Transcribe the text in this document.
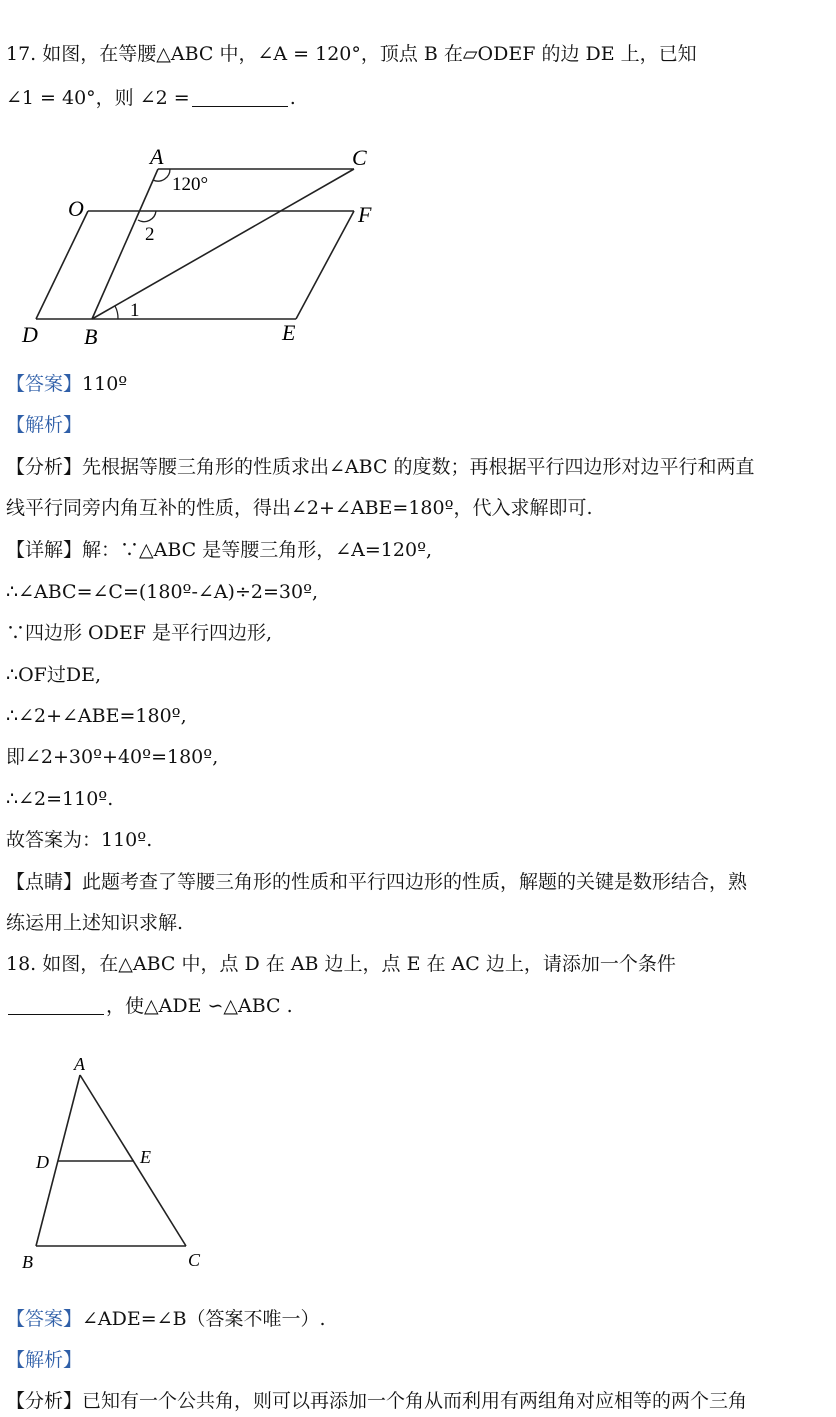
17. 如图，在等腰△ABC 中，∠A = 120°，顶点 B 在▱ODEF 的边 DE 上，已知
∠1 = 40°，则 ∠2 =	.
A	C
O	F
D B	E
120°
2
1
【答案】110º
【解析】
【分析】先根据等腰三角形的性质求出∠ABC 的度数；再根据平行四边形对边平行和两直
线平行同旁内角互补的性质，得出∠2+∠ABE=180º，代入求解即可.
【详解】解：∵△ABC 是等腰三角形，∠A=120º,
∴∠ABC=∠C=(180º-∠A)÷2=30º,
∵四边形 ODEF 是平行四边形,
∴OF过DE,
∴∠2+∠ABE=180º,
即∠2+30º+40º=180º,
∴∠2=110º.
故答案为：110º.
【点睛】此题考查了等腰三角形的性质和平行四边形的性质，解题的关键是数形结合，熟
练运用上述知识求解.
18. 如图，在△ABC 中，点 D 在 AB 边上，点 E 在 AC 边上，请添加一个条件
，使△ADE ∽△ABC .
A
D	E
B	C
【答案】∠ADE=∠B（答案不唯一）.
【解析】
【分析】已知有一个公共角，则可以再添加一个角从而利用有两组角对应相等的两个三角
